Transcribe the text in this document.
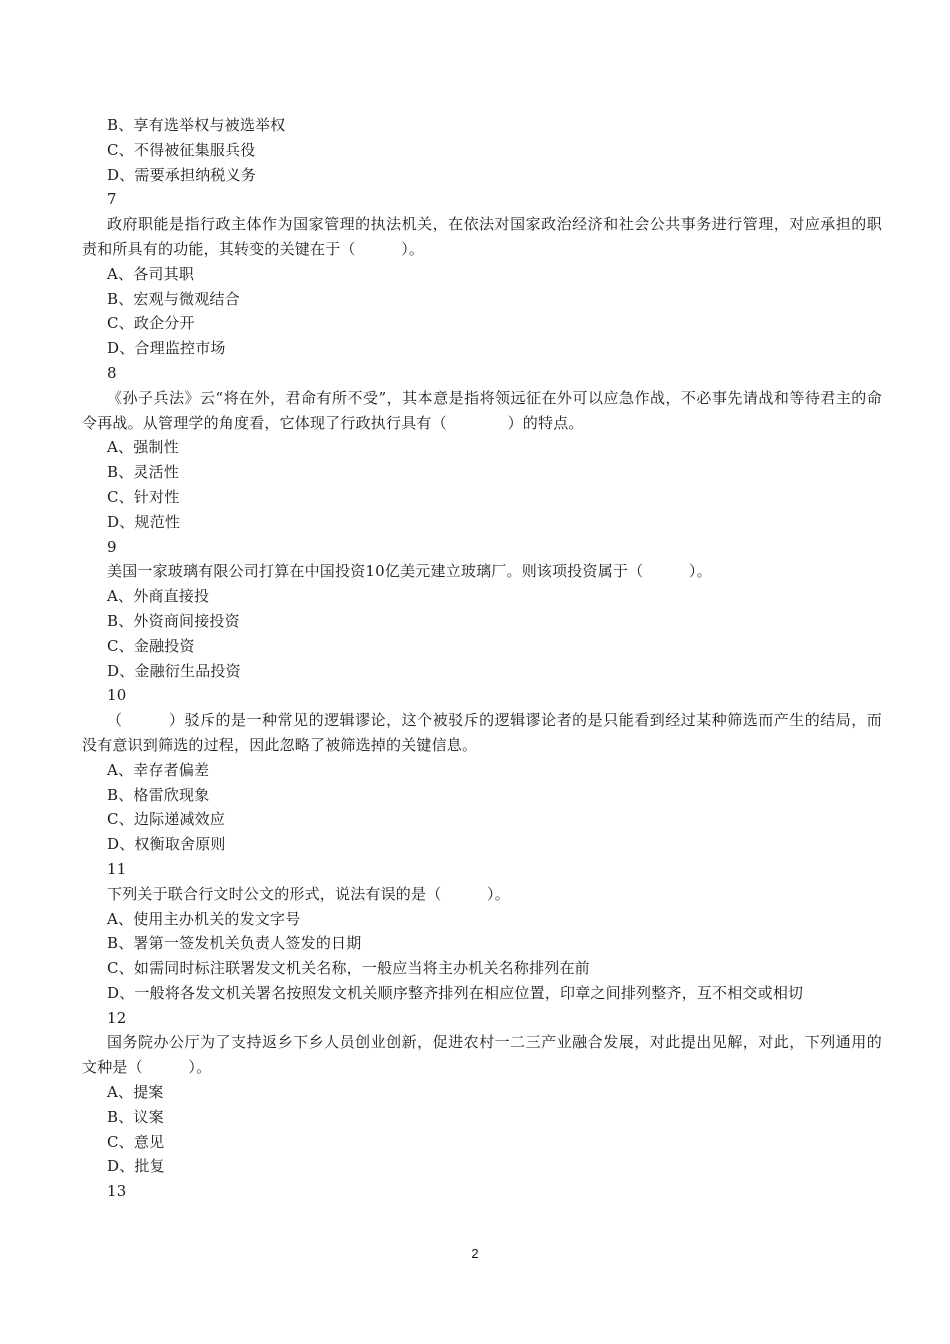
B、享有选举权与被选举权
C、不得被征集服兵役
D、需要承担纳税义务
7
政府职能是指行政主体作为国家管理的执法机关，在依法对国家政治经济和社会公共事务进行管理，对应承担的职责和所具有的功能，其转变的关键在于（　　　）。
A、各司其职
B、宏观与微观结合
C、政企分开
D、合理监控市场
8
《孙子兵法》云“将在外，君命有所不受”，其本意是指将领远征在外可以应急作战，不必事先请战和等待君主的命令再战。从管理学的角度看，它体现了行政执行具有（　　　　）的特点。
A、强制性
B、灵活性
C、针对性
D、规范性
9
美国一家玻璃有限公司打算在中国投资10亿美元建立玻璃厂。则该项投资属于（　　　）。
A、外商直接投
B、外资商间接投资
C、金融投资
D、金融衍生品投资
10
（　　　）驳斥的是一种常见的逻辑谬论，这个被驳斥的逻辑谬论者的是只能看到经过某种筛选而产生的结局，而没有意识到筛选的过程，因此忽略了被筛选掉的关键信息。
A、幸存者偏差
B、格雷欣现象
C、边际递减效应
D、权衡取舍原则
11
下列关于联合行文时公文的形式，说法有误的是（　　　）。
A、使用主办机关的发文字号
B、署第一签发机关负责人签发的日期
C、如需同时标注联署发文机关名称，一般应当将主办机关名称排列在前
D、一般将各发文机关署名按照发文机关顺序整齐排列在相应位置，印章之间排列整齐，互不相交或相切
12
国务院办公厅为了支持返乡下乡人员创业创新，促进农村一二三产业融合发展，对此提出见解，对此，下列通用的文种是（　　　）。
A、提案
B、议案
C、意见
D、批复
13
2
